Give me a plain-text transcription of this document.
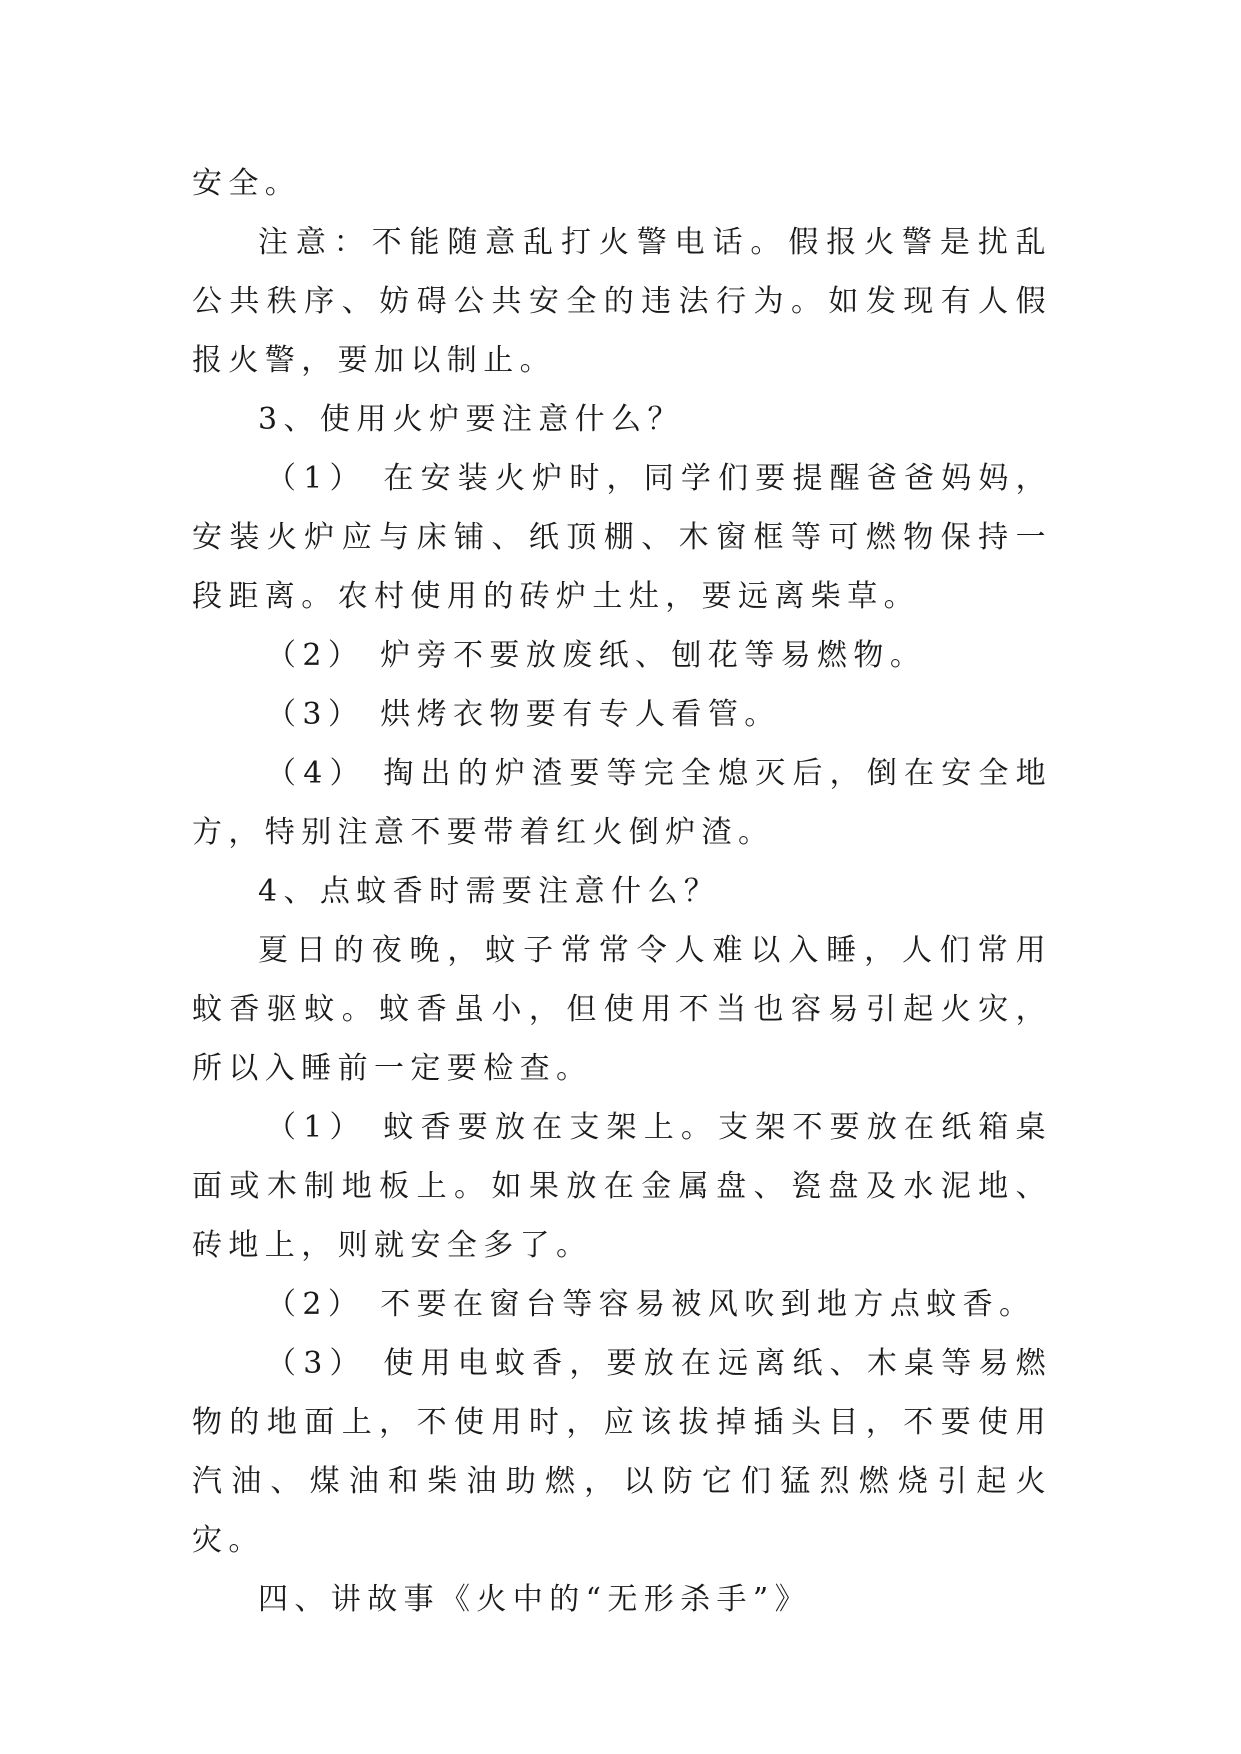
安全。

注意：不能随意乱打火警电话。假报火警是扰乱公共秩序、妨碍公共安全的违法行为。如发现有人假报火警，要加以制止。

3、使用火炉要注意什么？

（1） 在安装火炉时，同学们要提醒爸爸妈妈，安装火炉应与床铺、纸顶棚、木窗框等可燃物保持一段距离。农村使用的砖炉土灶，要远离柴草。

（2） 炉旁不要放废纸、刨花等易燃物。

（3） 烘烤衣物要有专人看管。

（4） 掏出的炉渣要等完全熄灭后，倒在安全地方，特别注意不要带着红火倒炉渣。

4、点蚊香时需要注意什么？

夏日的夜晚，蚊子常常令人难以入睡，人们常用蚊香驱蚊。蚊香虽小，但使用不当也容易引起火灾，所以入睡前一定要检查。

（1） 蚊香要放在支架上。支架不要放在纸箱桌面或木制地板上。如果放在金属盘、瓷盘及水泥地、砖地上，则就安全多了。

（2） 不要在窗台等容易被风吹到地方点蚊香。

（3） 使用电蚊香，要放在远离纸、木桌等易燃物的地面上，不使用时，应该拔掉插头目，不要使用汽油、煤油和柴油助燃，以防它们猛烈燃烧引起火灾。

四、讲故事《火中的“无形杀手”》
